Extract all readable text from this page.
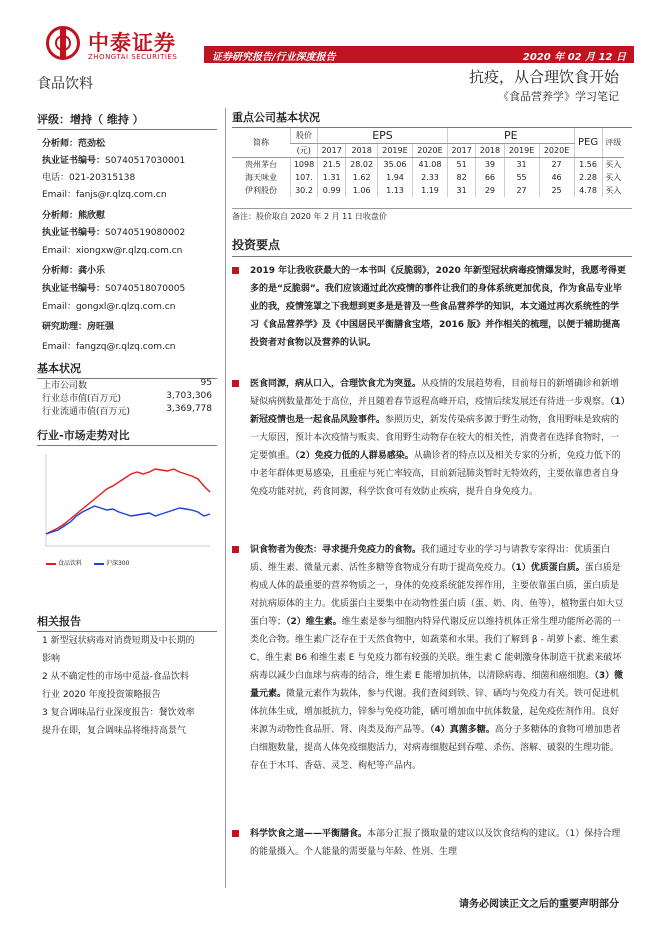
中泰证券
ZHONGTAI SECURITIES	证券研究报告/行业深度报告	2020 年 02 月 12 日
食品饮料	抗疫，从合理饮食开始
《食品营养学》学习笔记
评级：增持（ 维持 ）
分析师：范劲松
执业证书编号：S0740517030001
电话：021-20315138
Email：fanjs@r.qlzq.com.cn
分析师：熊欣慰
执业证书编号：S0740519080002
Email：xiongxw@r.qlzq.com.cn
分析师：龚小乐
执业证书编号：S0740518070005
Email：gongxl@r.qlzq.com.cn
研究助理：房旺强
Email：fangzq@r.qlzq.com.cn
基本状况
上市公司数	95
行业总市值(百万元)	3,703,306
行业流通市值(百万元)	3,369,778
行业-市场走势对比
食品饮料	沪深300
相关报告
1 新型冠状病毒对消费短期及中长期的
影响
2 从不确定性的市场中觅益-食品饮料
行业 2020 年度投资策略报告
3 复合调味品行业深度报告：餐饮效率
提升在即，复合调味品将维持高景气
重点公司基本状况
简称	股价	EPS				PE				PEG	评级
	(元)	2017	2018	2019E	2020E	2017	2018	2019E	2020E		
贵州茅台	1098	21.5	28.02	35.06	41.08	51	39	31	27	1.56	买入
海天味业	107.	1.31	1.62	1.94	2.33	82	66	55	46	2.28	买入
伊利股份	30.2	0.99	1.06	1.13	1.19	31	29	27	25	4.78	买入
备注：股价取自 2020 年 2 月 11 日收盘价
投资要点
2019 年让我收获最大的一本书叫《反脆弱》，2020 年新型冠状病毒疫情爆发时，我愿考得更多的是“反脆弱”。我们应该通过此次疫情的事件让我们的身体系统更加优良，作为食品专业毕业的我，疫情笼罩之下我想到更多是是普及一些食品营养学的知识，本文通过再次系统性的学习《食品营养学》及《中国居民平衡膳食宝塔，2016 版》并作相关的梳理，以便于辅助提高投资者对食物以及营养的认识。
医食同源，病从口入，合理饮食尤为突显。从疫情的发展趋势看，目前每日的新增确诊和新增疑似病例数量都处于高位，并且随着春节返程高峰开启，疫情后续发展还有待进一步观察。（1）新冠疫情也是一起食品风险事件。参照历史，新发传染病多源于野生动物，食用野味是致病的一大原因，预计本次疫情与贩卖、食用野生动物存在较大的相关性，消费者在选择食物时，一定要慎重。（2）免疫力低的人群易感染。从确诊者的特点以及相关专家的分析，免疫力低下的中老年群体更易感染，且重症与死亡率较高，目前新冠肺炎暂时无特效药，主要依靠患者自身免疫功能对抗，药食同源，科学饮食可有效防止疾病，提升自身免疫力。
识食物者为俊杰：寻求提升免疫力的食物。我们通过专业的学习与请教专家得出：优质蛋白质、维生素、微量元素、活性多糖等食物成分有助于提高免疫力。（1）优质蛋白质。蛋白质是构成人体的最重要的营养物质之一，身体的免疫系统能发挥作用，主要依靠蛋白质，蛋白质是对抗病原体的主力。优质蛋白主要集中在动物性蛋白质（蛋、奶、肉、鱼等），植物蛋白如大豆蛋白等；（2）维生素。维生素是参与细胞内特异代谢反应以维持机体正常生理功能所必需的一类化合物。维生素广泛存在于天然食物中，如蔬菜和水果。我们了解到 β - 胡萝卜素、维生素 C、维生素 B6 和维生素 E 与免疫力都有较强的关联。维生素 C 能刺激身体制造干扰素来破坏病毒以减少白血球与病毒的结合，维生素 E 能增加抗体，以清除病毒、细菌和癌细胞。（3）微量元素。微量元素作为载体，参与代谢。我们查阅到铁、锌、硒均与免疫力有关。铁可促进机体抗体生成，增加抵抗力，锌参与免疫功能，硒可增加血中抗体数量，起免疫佐剂作用。良好来源为动物性食品肝、肾、肉类及海产品等。（4）真菌多糖。高分子多糖体的食物可增加患者白细胞数量，提高人体免疫细胞活力，对病毒细胞起到吞噬、杀伤、溶解、破裂的生理功能。存在于木耳、香菇、灵芝、枸杞等产品内。
科学饮食之道——平衡膳食。本部分汇报了摄取量的建议以及饮食结构的建议。（1）保持合理的能量摄入。个人能量的需要量与年龄、性别、生理
请务必阅读正文之后的重要声明部分
